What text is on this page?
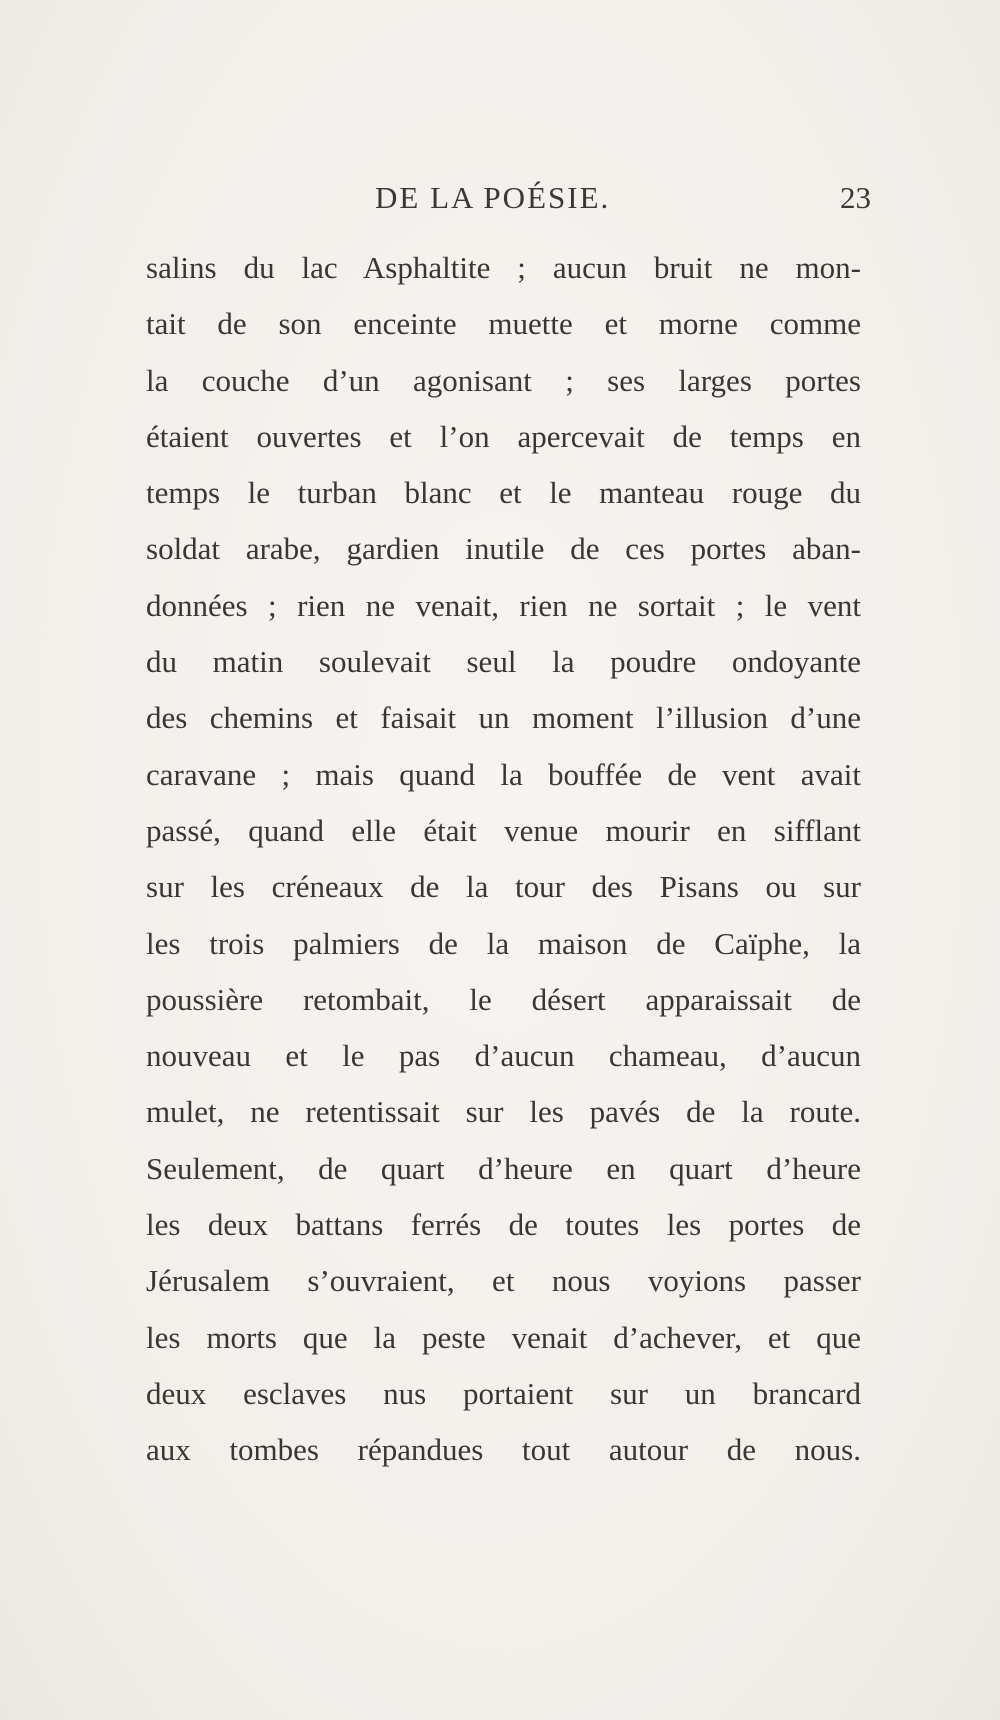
DE LA POÉSIE.	23
salins du lac Asphaltite ; aucun bruit ne mon-
tait de son enceinte muette et morne comme
la couche d’un agonisant ; ses larges portes
étaient ouvertes et l’on apercevait de temps en
temps le turban blanc et le manteau rouge du
soldat arabe, gardien inutile de ces portes aban-
données ; rien ne venait, rien ne sortait ; le vent
du matin soulevait seul la poudre ondoyante
des chemins et faisait un moment l’illusion d’une
caravane ; mais quand la bouffée de vent avait
passé, quand elle était venue mourir en sifflant
sur les créneaux de la tour des Pisans ou sur
les trois palmiers de la maison de Caïphe, la
poussière retombait, le désert apparaissait de
nouveau et le pas d’aucun chameau, d’aucun
mulet, ne retentissait sur les pavés de la route.
Seulement, de quart d’heure en quart d’heure
les deux battans ferrés de toutes les portes de
Jérusalem s’ouvraient, et nous voyions passer
les morts que la peste venait d’achever, et que
deux esclaves nus portaient sur un brancard
aux tombes répandues tout autour de nous.
